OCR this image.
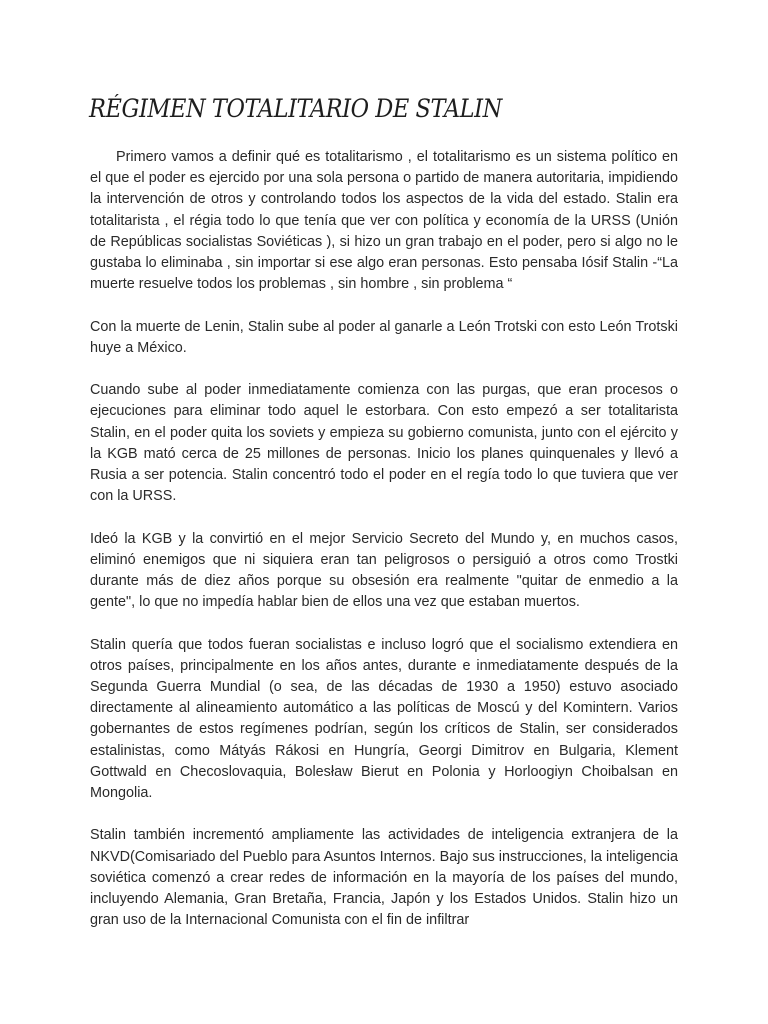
RÉGIMEN TOTALITARIO DE STALIN

Primero vamos a definir qué es totalitarismo , el totalitarismo es un sistema político en el que el poder es ejercido por una sola persona o partido de manera autoritaria, impidiendo la intervención de otros y controlando todos los aspectos de la vida del estado. Stalin era totalitarista , el régia todo lo que tenía que ver con política y economía de la URSS (Unión de Repúblicas socialistas Soviéticas ), si hizo un gran trabajo en el poder, pero si algo no le gustaba lo eliminaba , sin importar si ese algo eran personas. Esto pensaba Iósif Stalin -“La muerte resuelve todos los problemas , sin hombre , sin problema “

Con la muerte de Lenin, Stalin sube al poder al ganarle a León Trotski con esto León Trotski huye a México.

Cuando sube al poder inmediatamente comienza con las purgas, que eran procesos o ejecuciones para eliminar todo aquel le estorbara. Con esto empezó a ser totalitarista Stalin, en el poder quita los soviets y empieza su gobierno comunista, junto con el ejército y la KGB mató cerca de 25 millones de personas. Inicio los planes quinquenales y llevó a Rusia a ser potencia. Stalin concentró todo el poder en el regía todo lo que tuviera que ver con la URSS.

Ideó la KGB y la convirtió en el mejor Servicio Secreto del Mundo y, en muchos casos, eliminó enemigos que ni siquiera eran tan peligrosos o persiguió a otros como Trostki durante más de diez años porque su obsesión era realmente "quitar de enmedio a la gente", lo que no impedía hablar bien de ellos una vez que estaban muertos.

Stalin quería que todos fueran socialistas e incluso logró que el socialismo extendiera en otros países, principalmente en los años antes, durante e inmediatamente después de la Segunda Guerra Mundial (o sea, de las décadas de 1930 a 1950) estuvo asociado directamente al alineamiento automático a las políticas de Moscú y del Komintern. Varios gobernantes de estos regímenes podrían, según los críticos de Stalin, ser considerados estalinistas, como Mátyás Rákosi en Hungría, Georgi Dimitrov en Bulgaria, Klement Gottwald en Checoslovaquia, Bolesław Bierut en Polonia y Horloogiyn Choibalsan en Mongolia.

Stalin también incrementó ampliamente las actividades de inteligencia extranjera de la NKVD(Comisariado del Pueblo para Asuntos Internos. Bajo sus instrucciones, la inteligencia soviética comenzó a crear redes de información en la mayoría de los países del mundo, incluyendo Alemania, Gran Bretaña, Francia, Japón y los Estados Unidos. Stalin hizo un gran uso de la Internacional Comunista con el fin de infiltrar
